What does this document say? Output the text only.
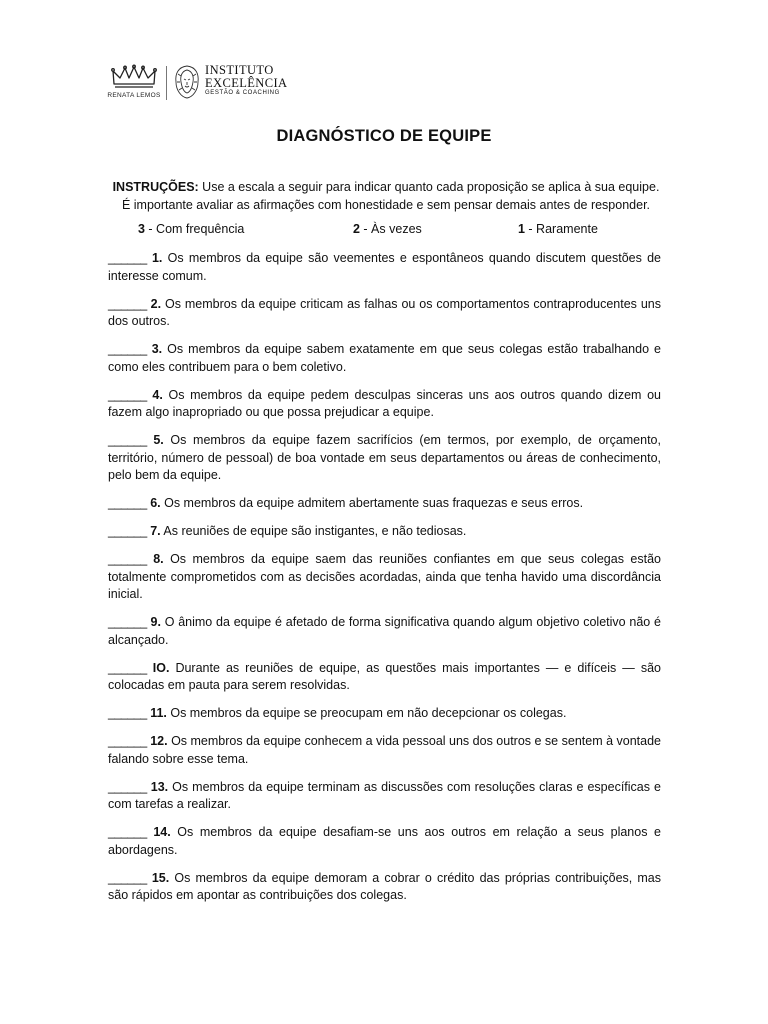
RENATA LEMOS
INSTITUTO
EXCELÊNCIA
GESTÃO & COACHING
DIAGNÓSTICO DE EQUIPE

INSTRUÇÕES: Use a escala a seguir para indicar quanto cada proposição se aplica à sua equipe. É importante avaliar as afirmações com honestidade e sem pensar demais antes de responder.

3 - Com frequência	2 - Às vezes	1 - Raramente

______ 1. Os membros da equipe são veementes e espontâneos quando discutem questões de interesse comum.

______ 2. Os membros da equipe criticam as falhas ou os comportamentos contraproducentes uns dos outros.

______ 3. Os membros da equipe sabem exatamente em que seus colegas estão trabalhando e como eles contribuem para o bem coletivo.

______ 4. Os membros da equipe pedem desculpas sinceras uns aos outros quando dizem ou fazem algo inapropriado ou que possa prejudicar a equipe.

______ 5. Os membros da equipe fazem sacrifícios (em termos, por exemplo, de orçamento, território, número de pessoal) de boa vontade em seus departamentos ou áreas de conhecimento, pelo bem da equipe.

______ 6. Os membros da equipe admitem abertamente suas fraquezas e seus erros.

______ 7. As reuniões de equipe são instigantes, e não tediosas.

______ 8. Os membros da equipe saem das reuniões confiantes em que seus colegas estão totalmente comprometidos com as decisões acordadas, ainda que tenha havido uma discordância inicial.

______ 9. O ânimo da equipe é afetado de forma significativa quando algum objetivo coletivo não é alcançado.

______ IO. Durante as reuniões de equipe, as questões mais importantes — e difíceis — são colocadas em pauta para serem resolvidas.

______ 11. Os membros da equipe se preocupam em não decepcionar os colegas.

______ 12. Os membros da equipe conhecem a vida pessoal uns dos outros e se sentem à vontade falando sobre esse tema.

______ 13. Os membros da equipe terminam as discussões com resoluções claras e específicas e com tarefas a realizar.

______ 14. Os membros da equipe desafiam-se uns aos outros em relação a seus planos e abordagens.

______ 15. Os membros da equipe demoram a cobrar o crédito das próprias contribuições, mas são rápidos em apontar as contribuições dos colegas.
